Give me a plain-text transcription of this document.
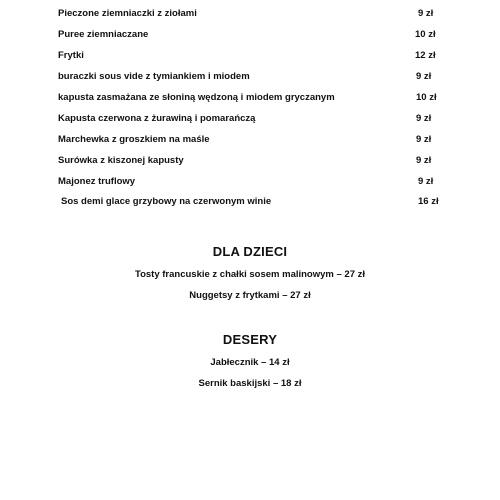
Pieczone ziemniaczki z ziołami	9 zł
Puree ziemniaczane	10 zł
Frytki	12 zł
buraczki sous vide z tymiankiem i miodem	9 zł
kapusta zasmażana ze słoniną wędzoną i miodem gryczanym	10 zł
Kapusta czerwona z żurawiną i pomarańczą	9 zł
Marchewka z groszkiem na maśle	9 zł
Surówka z kiszonej kapusty	9 zł
Majonez truflowy	9 zł
Sos demi glace grzybowy na czerwonym winie	16 zł
DLA DZIECI
Tosty francuskie z chałki sosem malinowym – 27 zł
Nuggetsy z frytkami – 27 zł
DESERY
Jabłecznik – 14 zł
Sernik baskijski – 18 zł
